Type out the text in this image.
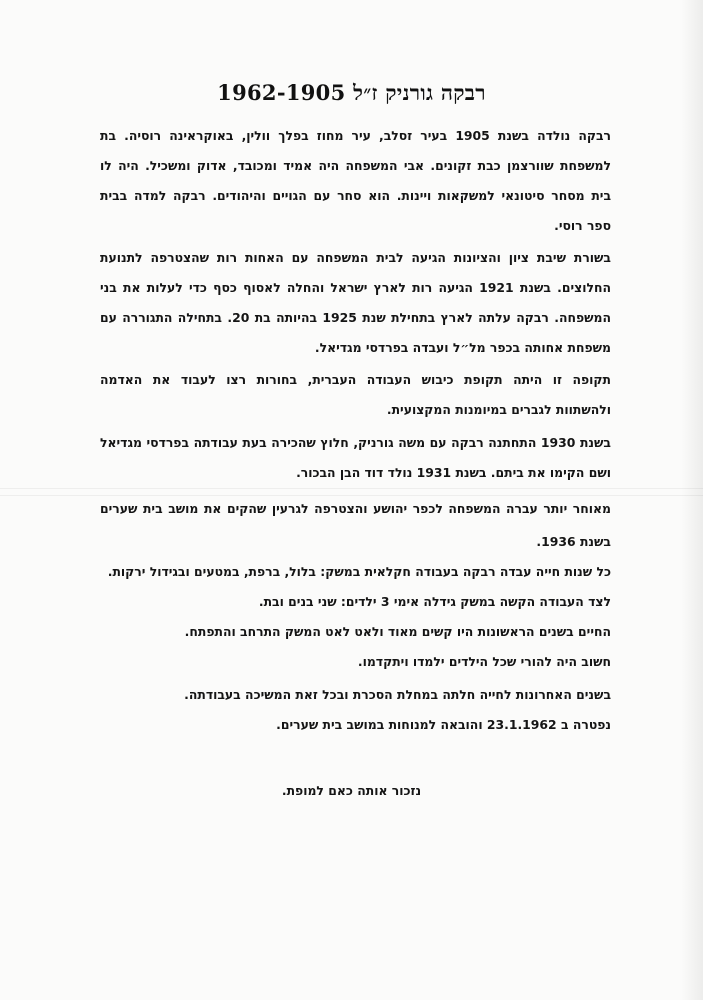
רבקה גורניק ז״ל 1962-1905
רבקה נולדה בשנת 1905 בעיר זסלב, עיר מחוז בפלך וולין, באוקראינה רוסיה. בת
למשפחת שוורצמן כבת זקונים. אבי המשפחה היה אמיד ומכובד, אדוק ומשכיל. היה לו
בית מסחר סיטונאי למשקאות ויינות. הוא סחר עם הגויים והיהודים. רבקה למדה בבית
ספר רוסי.
בשורת שיבת ציון והציונות הגיעה לבית המשפחה עם האחות רות שהצטרפה לתנועת
החלוצים. בשנת 1921 הגיעה רות לארץ ישראל והחלה לאסוף כסף כדי לעלות את בני
המשפחה. רבקה עלתה לארץ בתחילת שנת 1925 בהיותה בת 20. בתחילה התגוררה עם
משפחת אחותה בכפר מל״ל ועבדה בפרדסי מגדיאל.
תקופה זו היתה תקופת כיבוש העבודה העברית, בחורות רצו לעבוד את האדמה
ולהשתוות לגברים במיומנות המקצועית.
בשנת 1930 התחתנה רבקה עם משה גורניק, חלוץ שהכירה בעת עבודתה בפרדסי מגדיאל
ושם הקימו את ביתם. בשנת 1931 נולד דוד הבן הבכור.
מאוחר יותר עברה המשפחה לכפר יהושע והצטרפה לגרעין שהקים את מושב בית שערים
בשנת 1936.
כל שנות חייה עבדה רבקה בעבודה חקלאית במשק: בלול, ברפת, במטעים ובגידול ירקות.
לצד העבודה הקשה במשק גידלה אימי 3 ילדים: שני בנים ובת.
החיים בשנים הראשונות היו קשים מאוד ולאט לאט המשק התרחב והתפתח.
חשוב היה להורי שכל הילדים ילמדו ויתקדמו.
בשנים האחרונות לחייה חלתה במחלת הסכרת ובכל זאת המשיכה בעבודתה.
נפטרה ב 23.1.1962 והובאה למנוחות במושב בית שערים.
נזכור אותה כאם למופת.
